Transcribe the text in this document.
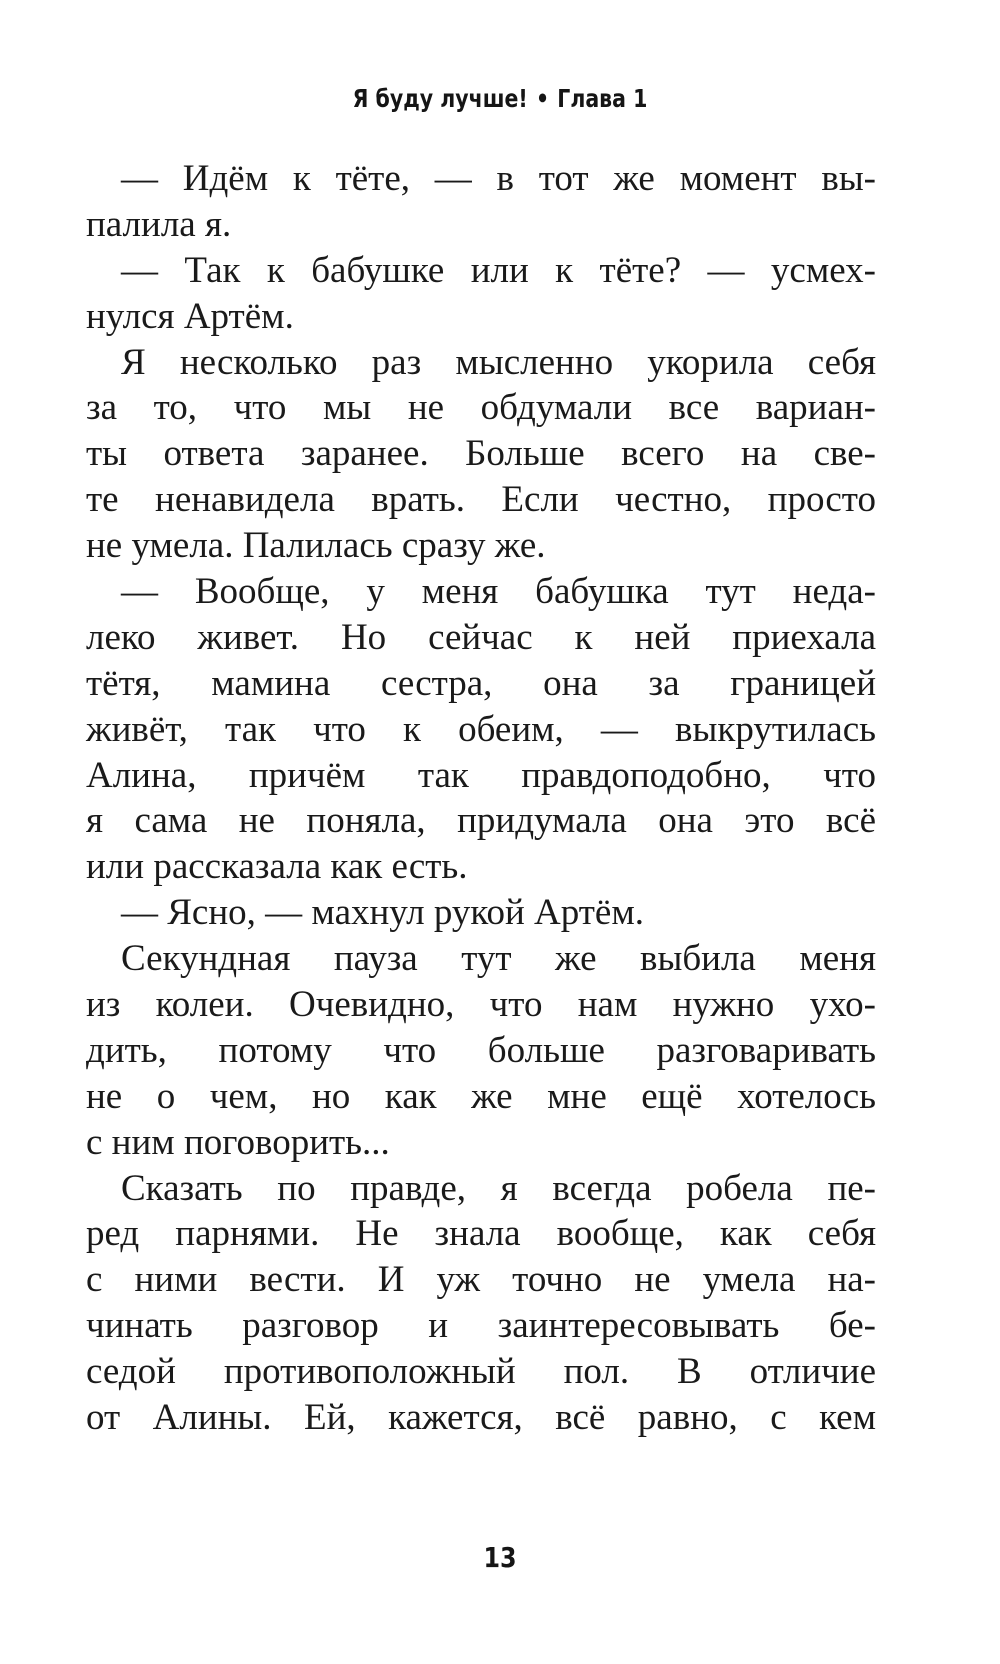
Я буду лучше! • Глава 1
— Идём к тёте, — в тот же момент вы-
палила я.
— Так к бабушке или к тёте? — усмех-
нулся Артём.
Я несколько раз мысленно укорила себя
за то, что мы не обдумали все вариан-
ты ответа заранее. Больше всего на све-
те ненавидела врать. Если честно, просто
не умела. Палилась сразу же.
— Вообще, у меня бабушка тут неда-
леко живет. Но сейчас к ней приехала
тётя, мамина сестра, она за границей
живёт, так что к обеим, — выкрутилась
Алина, причём так правдоподобно, что
я сама не поняла, придумала она это всё
или рассказала как есть.
— Ясно, — махнул рукой Артём.
Секундная пауза тут же выбила меня
из колеи. Очевидно, что нам нужно ухо-
дить, потому что больше разговаривать
не о чем, но как же мне ещё хотелось
с ним поговорить...
Сказать по правде, я всегда робела пе-
ред парнями. Не знала вообще, как себя
с ними вести. И уж точно не умела на-
чинать разговор и заинтересовывать бе-
седой противоположный пол. В отличие
от Алины. Ей, кажется, всё равно, с кем
13
